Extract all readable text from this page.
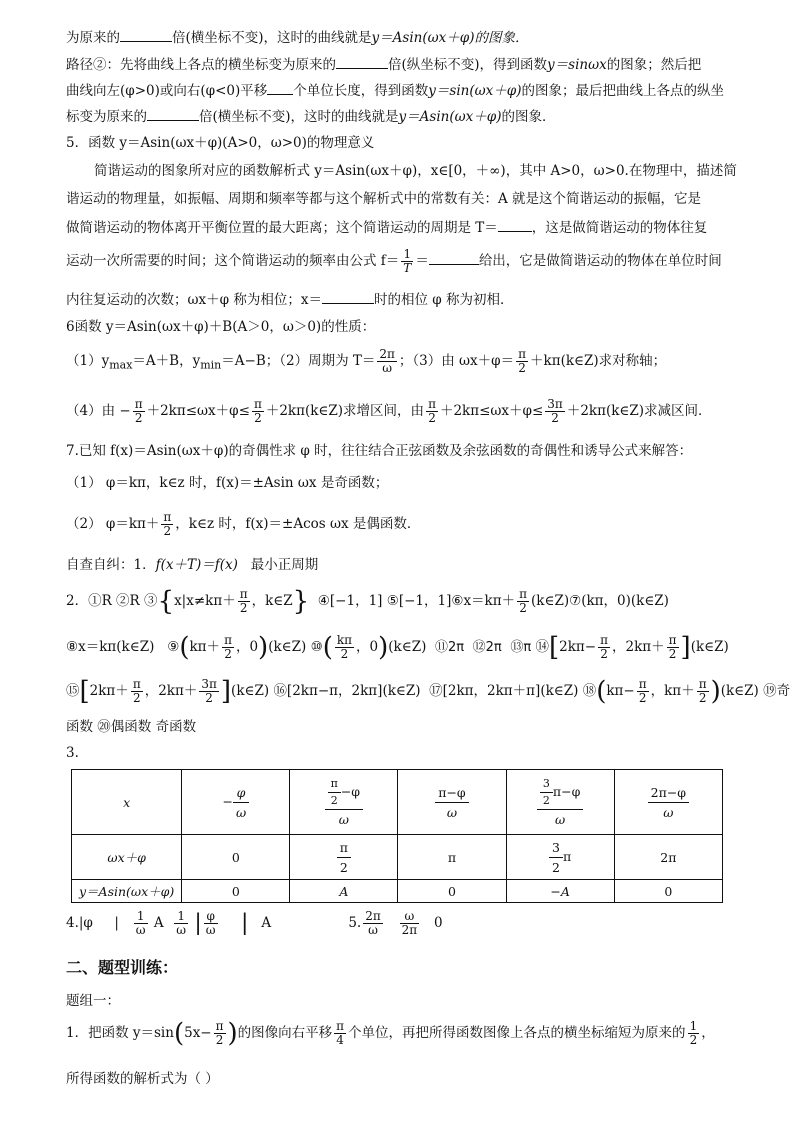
为原来的	倍(横坐标不变)，这时的曲线就是y＝Asin(ωx＋φ)的图象．
路径②：先将曲线上各点的横坐标变为原来的	倍(纵坐标不变)，得到函数y＝sinωx的图象；然后把
曲线向左(φ>0)或向右(φ<0)平移 个单位长度，得到函数y＝sin(ωx＋φ)的图象；最后把曲线上各点的纵坐
标变为原来的	倍(横坐标不变)，这时的曲线就是y＝Asin(ωx＋φ)的图象．
5．函数 y＝Asin(ωx＋φ)(A>0，ω>0)的物理意义
简谐运动的图象所对应的函数解析式 y＝Asin(ωx＋φ)，x∈[0，＋∞)，其中 A>0，ω>0.在物理中，描述简
谐运动的物理量，如振幅、周期和频率等都与这个解析式中的常数有关：A 就是这个简谐运动的振幅，它是
做简谐运动的物体离开平衡位置的最大距离；这个简谐运动的周期是 T＝	，这是做简谐运动的物体往复
运动一次所需要的时间；这个简谐运动的频率由公式 $f= \frac{1}{T}$ ＝	给出，它是做简谐运动的物体在单位时间
内往复运动的次数；ωx＋φ 称为相位；x＝	时的相位 φ 称为初相．
6函数 y＝Asin(ωx＋φ)＋B(A＞0，ω＞0)的性质：
$(1)y_{max}=A+B$，$y_{min}=A-B$；（2）周期为 $T= \frac{2\pi}{\omega}$ ；（3）由 $\omega x+\varphi= \frac{\pi}{2}$ ＋kπ(k∈Z)求对称轴；
（4）由 − $\frac{\pi}{2} +2k\pi\le\omega x+\varphi\le \frac{\pi}{2}$ ＋2kπ(k∈Z)求增区间，由 $\frac{\pi}{2} +2k\pi\le\omega x+\varphi\le \frac{3\pi}{2}$ ＋2kπ(k∈Z)求减区间．
7.已知 f(x)＝Asin(ωx＋φ)的奇偶性求 φ 时，往往结合正弦函数及余弦函数的奇偶性和诱导公式来解答：
（1） φ＝kπ，k∈z 时，f(x)＝±Asin ωx 是奇函数；
（2） $\varphi=k\pi+ \frac{\pi}{2}$ ，k∈z 时，f(x)＝±Acos ωx 是偶函数．
自查自纠：1．f(x＋T)＝f(x) 最小正周期
2．①R ②R ③{x|x≠kπ＋ $\frac{\pi}{2}$ ，k∈Z} ④[−1，1] ⑤[−1，1]⑥x＝kπ＋ $\frac{\pi}{2}$ (k∈Z)⑦(kπ，0)(k∈Z)
⑧x＝kπ(k∈Z) ⑨(kπ＋ $\frac{\pi}{2}$ ，0)(k∈Z) ⑩( $\frac{k\pi}{2}$ ，0)(k∈Z) ⑪2π ⑫2π ⑬π ⑭[2kπ− $\frac{\pi}{2}$ ，$2k\pi+ \frac{\pi}{2}$ ](k∈Z)
⑮[2kπ＋ $\frac{\pi}{2}$ ，$2k\pi+ \frac{3\pi}{2}$ ](k∈Z) ⑯[2kπ−π，2kπ](k∈Z) ⑰[2kπ，2kπ＋π](k∈Z) ⑱(kπ− $\frac{\pi}{2}$ ，$k\pi+ \frac{\pi}{2}$ )(k∈Z) ⑲奇
函数 ⑳偶函数 奇函数
3.
x	− $\frac{\varphi}{\omega}$	$\frac{\frac{\pi}{2} -\varphi}{\omega}$	$\frac{\pi-\varphi}{\omega}$	$\frac{\frac{3}{2} \pi-\varphi}{\omega}$	$\frac{2\pi-\varphi}{\omega}$

ωx＋φ	0	$\frac{\pi}{2}$	π	$\frac{3}{2}$ π	2π
y＝Asin(ωx＋φ)	0	A	0	−A	0
4.|φ | $\frac{1}{\omega}$ A $\frac{1}{\omega}$ | $\frac{\varphi}{\omega}$ | A	5. $\frac{2\pi}{\omega}$
$\frac{\omega}{2\pi} 0$
二、题型训练：
题组一：
1．把函数 $y=\sin(5x- \frac{\pi}{2}$ )的图像向右平移 $\frac{\pi}{4}$ 个单位，再把所得函数图像上各点的横坐标缩短为原来的 $\frac{1}{2}$ ，
所得函数的解析式为（ ）
